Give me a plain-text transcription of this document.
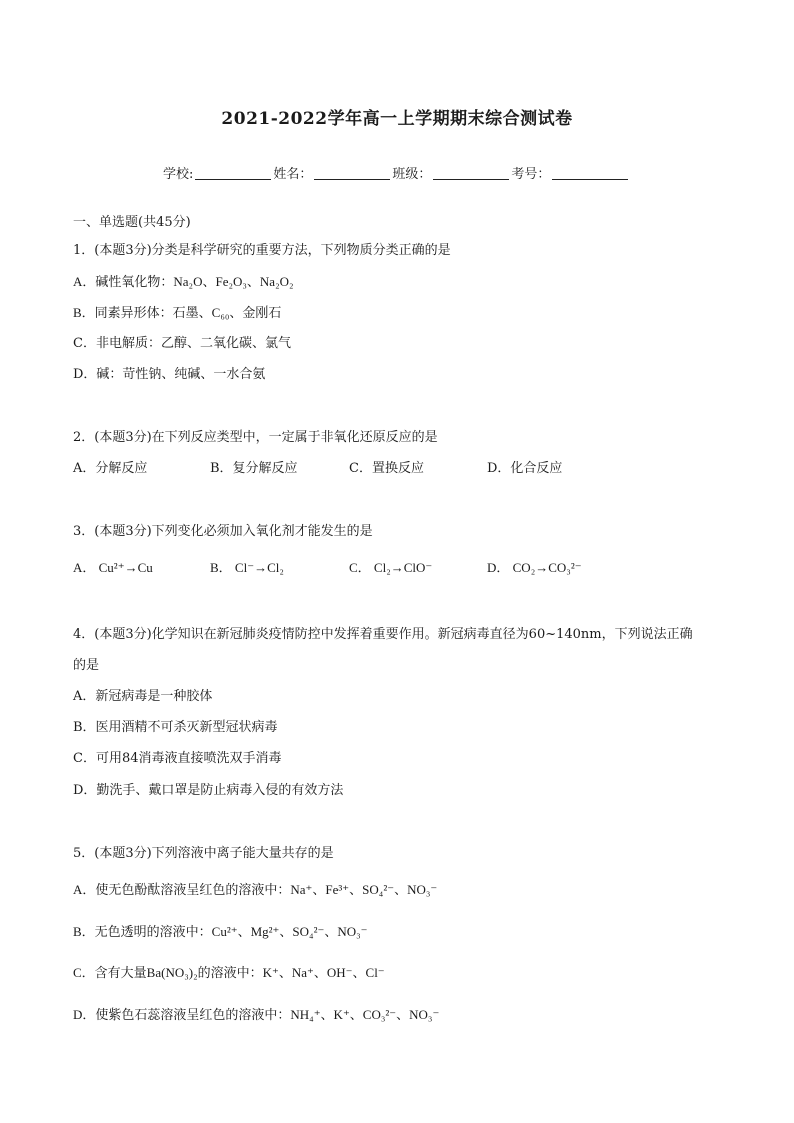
2021-2022学年高一上学期期末综合测试卷
学校:	姓名：	班级：	考号：
一、单选题(共45分)
1．(本题3分)分类是科学研究的重要方法，下列物质分类正确的是
A．碱性氧化物：Na₂O、Fe₂O₃、Na₂O₂
B．同素异形体：石墨、C₆₀、金刚石
C．非电解质：乙醇、二氧化碳、氯气
D．碱：苛性钠、纯碱、一水合氨
2．(本题3分)在下列反应类型中，一定属于非氧化还原反应的是
A．分解反应	B．复分解反应	C．置换反应	D．化合反应
3．(本题3分)下列变化必须加入氧化剂才能发生的是
A． Cu²⁺→Cu	B． Cl⁻→Cl₂	C． Cl₂→ClO⁻	D． CO₂→CO₃²⁻
4．(本题3分)化学知识在新冠肺炎疫情防控中发挥着重要作用。新冠病毒直径为60~140nm，下列说法正确
的是
A．新冠病毒是一种胶体
B．医用酒精不可杀灭新型冠状病毒
C．可用84消毒液直接喷洗双手消毒
D．勤洗手、戴口罩是防止病毒入侵的有效方法
5．(本题3分)下列溶液中离子能大量共存的是
A．使无色酚酞溶液呈红色的溶液中：Na⁺、Fe³⁺、SO₄²⁻、NO₃⁻
B．无色透明的溶液中：Cu²⁺、Mg²⁺、SO₄²⁻、NO₃⁻
C．含有大量Ba(NO₃)₂的溶液中：K⁺、Na⁺、OH⁻、Cl⁻
D．使紫色石蕊溶液呈红色的溶液中：NH₄⁺、K⁺、CO₃²⁻、NO₃⁻
